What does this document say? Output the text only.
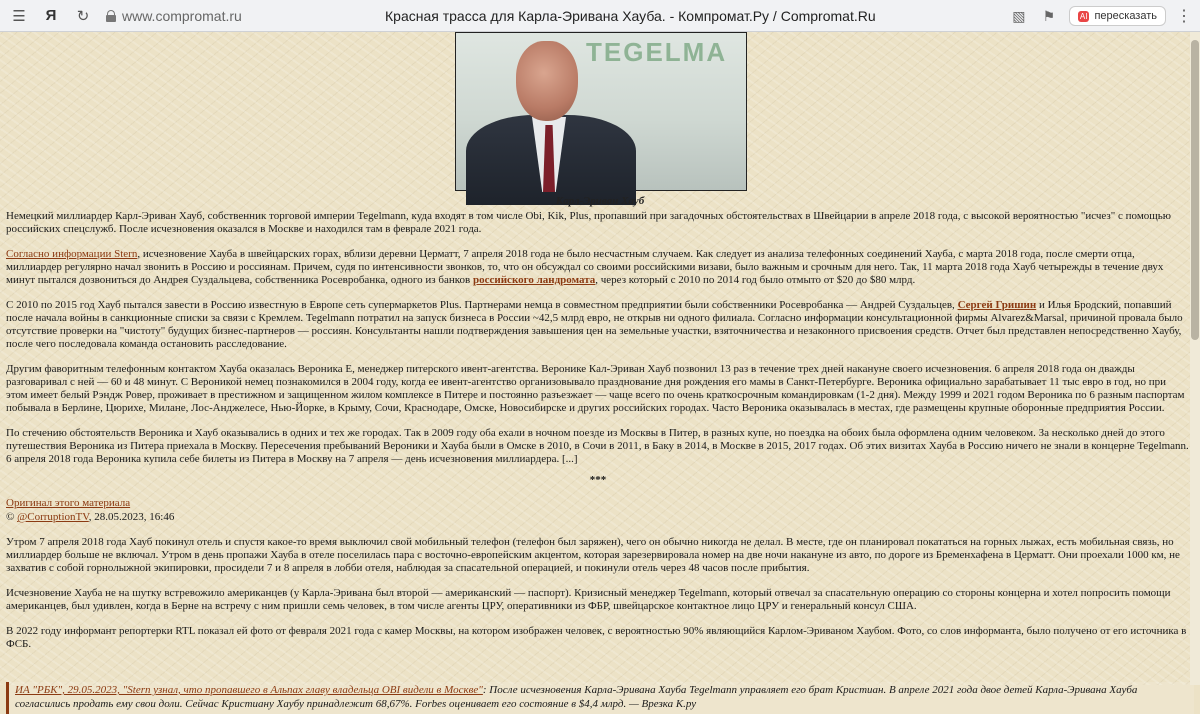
☰	Я	↻	www.compromat.ru	Красная трасса для Карла-Эривана Хауба. - Компромат.Ру / Compromat.Ru	▧ ⚑	AI пересказать ⋮
TEGELMA
Карл-Эриван Хауб

Немецкий миллиардер Карл-Эриван Хауб, собственник торговой империи Tegelmann, куда входят в том числе Obi, Kik, Plus, пропавший при загадочных обстоятельствах в Швейцарии в апреле 2018 года, с высокой вероятностью "исчез" с помощью российских спецслужб. После исчезновения оказался в Москве и находился там в феврале 2021 года.

Согласно информации Stern, исчезновение Хауба в швейцарских горах, вблизи деревни Церматт, 7 апреля 2018 года не было несчастным случаем. Как следует из анализа телефонных соединений Хауба, с марта 2018 года, после смерти отца, миллиардер регулярно начал звонить в Россию и россиянам. Причем, судя по интенсивности звонков, то, что он обсуждал со своими российскими визави, было важным и срочным для него. Так, 11 марта 2018 года Хауб четырежды в течение двух минут пытался дозвониться до Андрея Суздальцева, собственника Росевробанка, одного из банков российского ландромата, через который с 2010 по 2014 год было отмыто от $20 до $80 млрд.

С 2010 по 2015 год Хауб пытался завести в Россию известную в Европе сеть супермаркетов Plus. Партнерами немца в совместном предприятии были собственники Росевробанка — Андрей Суздальцев, Сергей Гришин и Илья Бродский, попавший после начала войны в санкционные списки за связи с Кремлем. Tegelmann потратил на запуск бизнеса в России ~42,5 млрд евро, не открыв ни одного филиала. Согласно информации консультационной фирмы Alvarez&Marsal, причиной провала было отсутствие проверки на "чистоту" будущих бизнес-партнеров — россиян. Консультанты нашли подтверждения завышения цен на земельные участки, взяточничества и незаконного присвоения средств. Отчет был представлен непосредственно Хаубу, после чего последовала команда остановить расследование.

Другим фаворитным телефонным контактом Хауба оказалась Вероника Е, менеджер питерского ивент-агентства. Веронике Кал-Эриван Хауб позвонил 13 раз в течение трех дней накануне своего исчезновения. 6 апреля 2018 года он дважды разговаривал с ней — 60 и 48 минут. С Вероникой немец познакомился в 2004 году, когда ее ивент-агентство организовывало празднование дня рождения его мамы в Санкт-Петербурге. Вероника официально зарабатывает 11 тыс евро в год, но при этом имеет белый Рэндж Ровер, проживает в престижном и защищенном жилом комплексе в Питере и постоянно разъезжает — чаще всего по очень краткосрочным командировкам (1-2 дня). Между 1999 и 2021 годом Вероника по 6 разным паспортам побывала в Берлине, Цюрихе, Милане, Лос-Анджелесе, Нью-Йорке, в Крыму, Сочи, Краснодаре, Омске, Новосибирске и других российских городах. Часто Вероника оказывалась в местах, где размещены крупные оборонные предприятия России.

По стечению обстоятельств Вероника и Хауб оказывались в одних и тех же городах. Так в 2009 году оба ехали в ночном поезде из Москвы в Питер, в разных купе, но поездка на обоих была оформлена одним человеком. За несколько дней до этого путешествия Вероника из Питера приехала в Москву. Пересечения пребываний Вероники и Хауба были в Омске в 2010, в Сочи в 2011, в Баку в 2014, в Москве в 2015, 2017 годах. Об этих визитах Хауба в Россию ничего не знали в концерне Tegelmann. 6 апреля 2018 года Вероника купила себе билеты из Питера в Москву на 7 апреля — день исчезновения миллиардера. [...]

***
Оригинал этого материала
© @CorruptionTV, 28.05.2023, 16:46

Утром 7 апреля 2018 года Хауб покинул отель и спустя какое-то время выключил свой мобильный телефон (телефон был заряжен), чего он обычно никогда не делал. В месте, где он планировал покататься на горных лыжах, есть мобильная связь, но миллиардер больше не включал. Утром в день пропажи Хауба в отеле поселилась пара с восточно-европейским акцентом, которая зарезервировала номер на две ночи накануне из авто, по дороге из Бременхафена в Церматт. Они проехали 1000 км, не захватив с собой горнолыжной экипировки, просидели 7 и 8 апреля в лобби отеля, наблюдая за спасательной операцией, и покинули отель через 48 часов после прибытия.

Исчезновение Хауба не на шутку встревожило американцев (у Карла-Эривана был второй — американский — паспорт). Кризисный менеджер Tegelmann, который отвечал за спасательную операцию со стороны концерна и хотел попросить помощи американцев, был удивлен, когда в Берне на встречу с ним пришли семь человек, в том числе агенты ЦРУ, оперативники из ФБР, швейцарское контактное лицо ЦРУ и генеральный консул США.

В 2022 году информант репортерки RTL показал ей фото от февраля 2021 года с камер Москвы, на котором изображен человек, с вероятностью 90% являющийся Карлом-Эриваном Хаубом. Фото, со слов информанта, было получено от его источника в ФСБ.

ИА "РБК", 29.05.2023, "Stern узнал, что пропавшего в Альпах главу владельца OBI видели в Москве": После исчезновения Карла-Эривана Хауба Tegelmann управляет его брат Кристиан. В апреле 2021 года двое детей Карла-Эривана Хауба согласились продать ему свои доли. Сейчас Кристиану Хаубу принадлежит 68,67%. Forbes оценивает его состояние в $4,4 млрд. — Врезка К.ру
